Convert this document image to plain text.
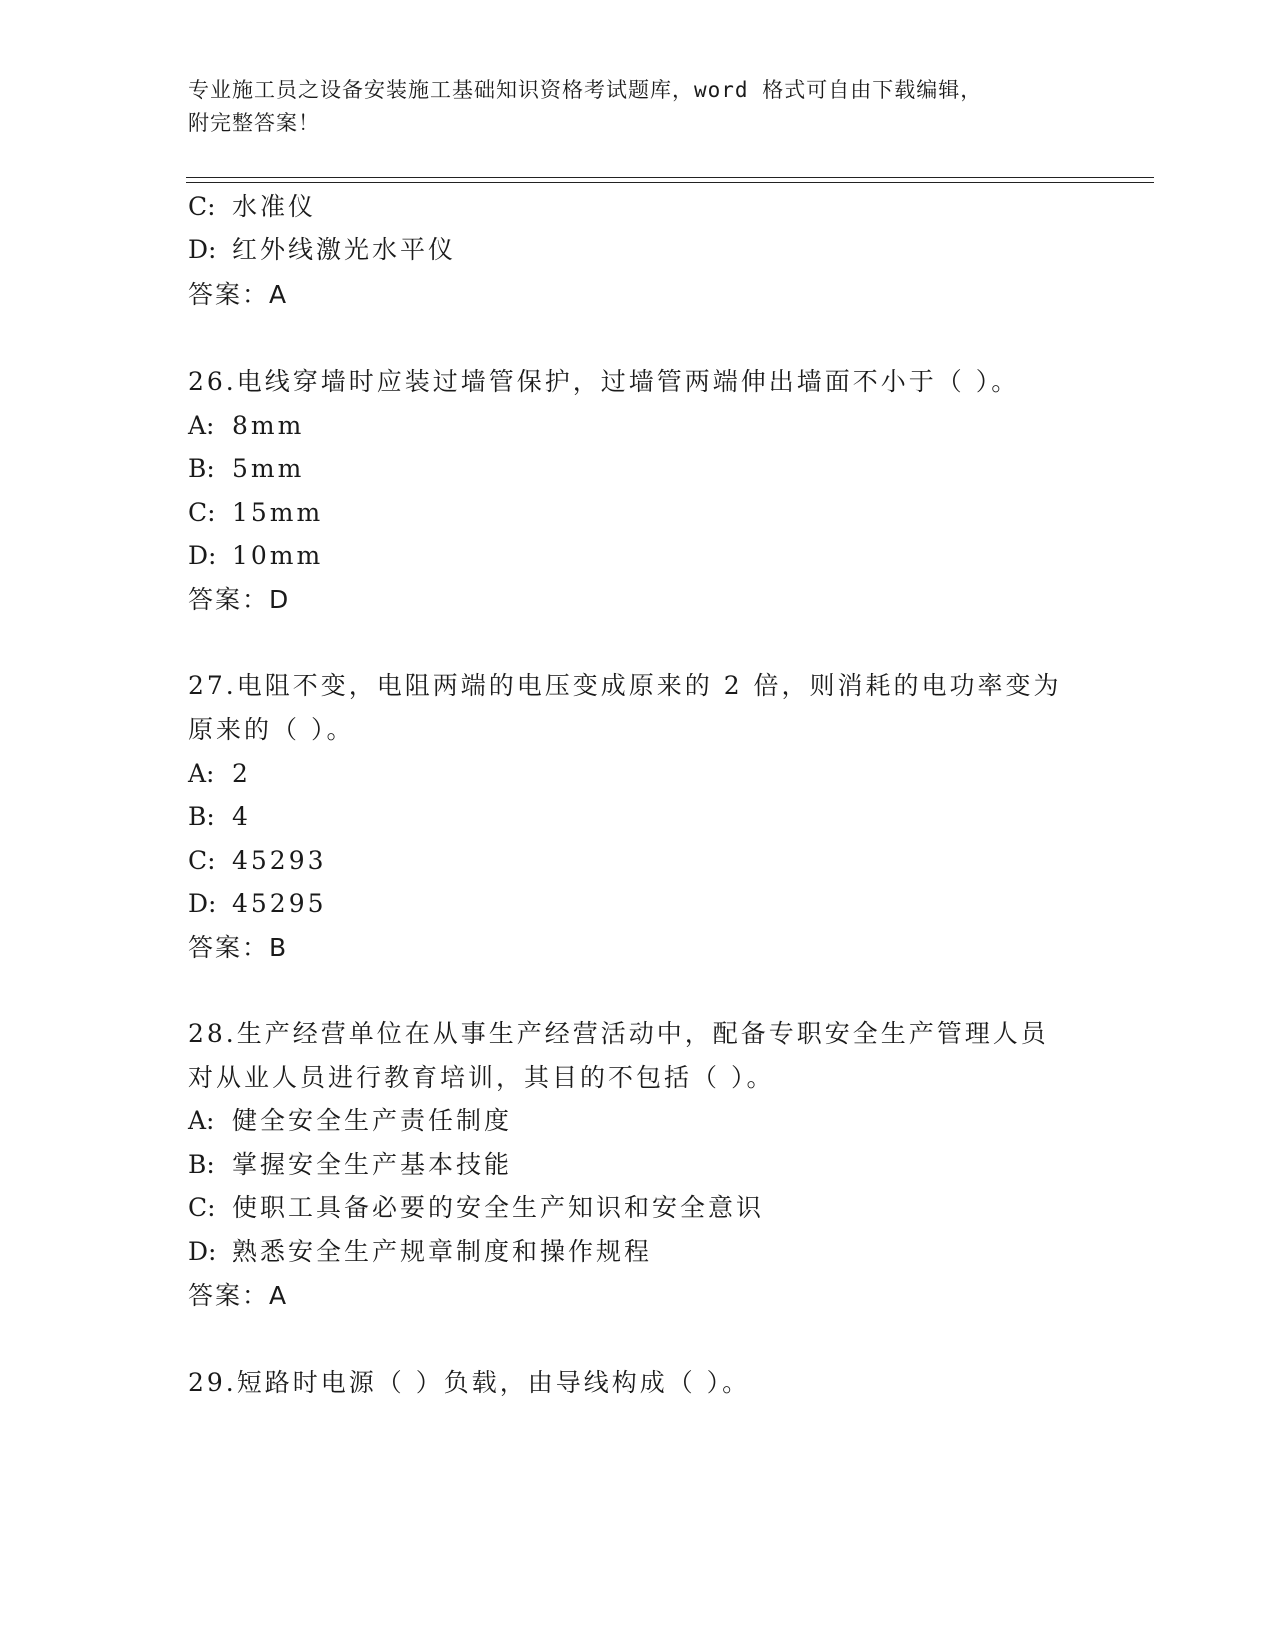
专业施工员之设备安装施工基础知识资格考试题库，word 格式可自由下载编辑，
附完整答案！
C: 水准仪
D: 红外线激光水平仪
答案：A
26.电线穿墙时应装过墙管保护，过墙管两端伸出墙面不小于（ ）。
A: 8mm
B: 5mm
C: 15mm
D: 10mm
答案：D
27.电阻不变，电阻两端的电压变成原来的 2 倍，则消耗的电功率变为
原来的（ ）。
A: 2
B: 4
C: 45293
D: 45295
答案：B
28.生产经营单位在从事生产经营活动中，配备专职安全生产管理人员
对从业人员进行教育培训，其目的不包括（ ）。
A: 健全安全生产责任制度
B: 掌握安全生产基本技能
C: 使职工具备必要的安全生产知识和安全意识
D: 熟悉安全生产规章制度和操作规程
答案：A
29.短路时电源（ ）负载，由导线构成（ ）。
